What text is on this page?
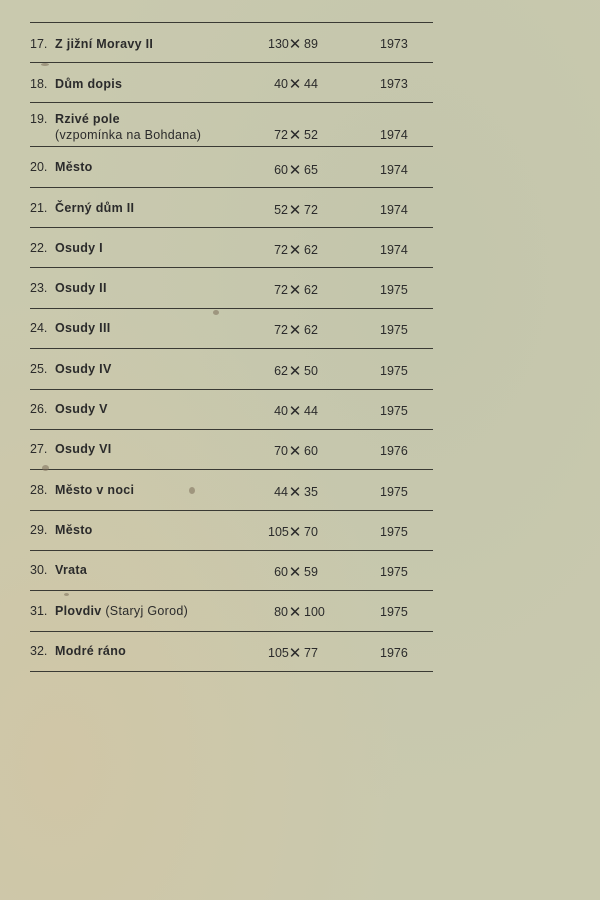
17. Z jižní Moravy II	130✕ 89	1973
18. Dům dopis	40✕ 44	1973
19. Rzivé pole
(vzpomínka na Bohdana)	72✕ 52	1974
20. Město	60✕ 65	1974
21. Černý dům II	52✕ 72	1974
22. Osudy I	72✕ 62	1974
23. Osudy II	72✕ 62	1975
24. Osudy III	72✕ 62	1975
25. Osudy IV	62✕ 50	1975
26. Osudy V	40✕ 44	1975
27. Osudy VI	70✕ 60	1976
28. Město v noci	44✕ 35	1975
29. Město	105✕ 70	1975
30. Vrata	60✕ 59	1975
31. Plovdiv (Staryj Gorod)	80✕ 100	1975
32. Modré ráno	105✕ 77	1976
